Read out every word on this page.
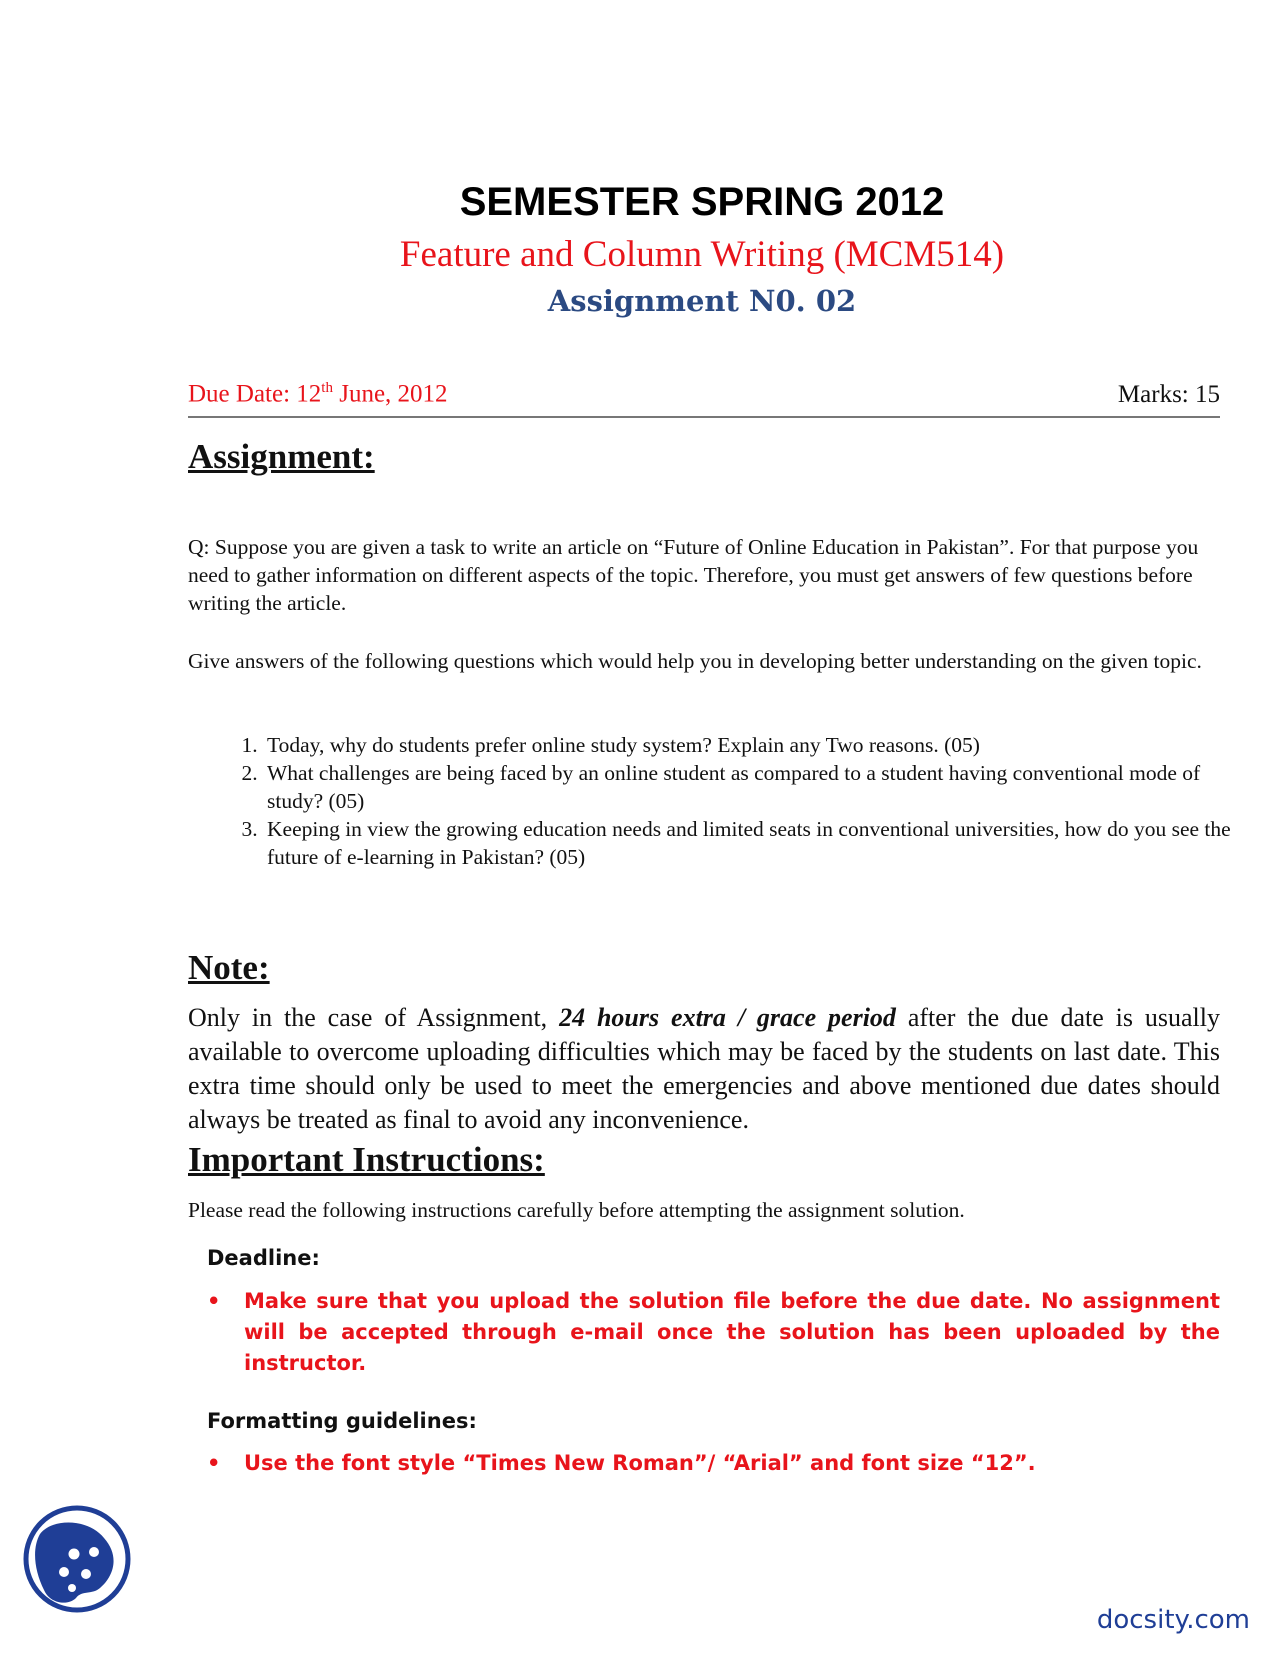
SEMESTER SPRING 2012
Feature and Column Writing (MCM514)
Assignment N0. 02
Due Date: 12th June, 2012	Marks: 15
Assignment:
Q: Suppose you are given a task to write an article on “Future of Online Education in Pakistan”. For that purpose you need to gather information on different aspects of the topic. Therefore, you must get answers of few questions before writing the article.
Give answers of the following questions which would help you in developing better understanding on the given topic.
1. Today, why do students prefer online study system? Explain any Two reasons. (05)
2. What challenges are being faced by an online student as compared to a student having conventional mode of study? (05)
3. Keeping in view the growing education needs and limited seats in conventional universities, how do you see the future of e-learning in Pakistan? (05)
Note:
Only in the case of Assignment, 24 hours extra / grace period after the due date is usually available to overcome uploading difficulties which may be faced by the students on last date. This extra time should only be used to meet the emergencies and above mentioned due dates should always be treated as final to avoid any inconvenience.
Important Instructions:
Please read the following instructions carefully before attempting the assignment solution.
Deadline:
• Make sure that you upload the solution file before the due date. No assignment will be accepted through e-mail once the solution has been uploaded by the instructor.
Formatting guidelines:
• Use the font style “Times New Roman”/ “Arial” and font size “12”.
docsity.com
